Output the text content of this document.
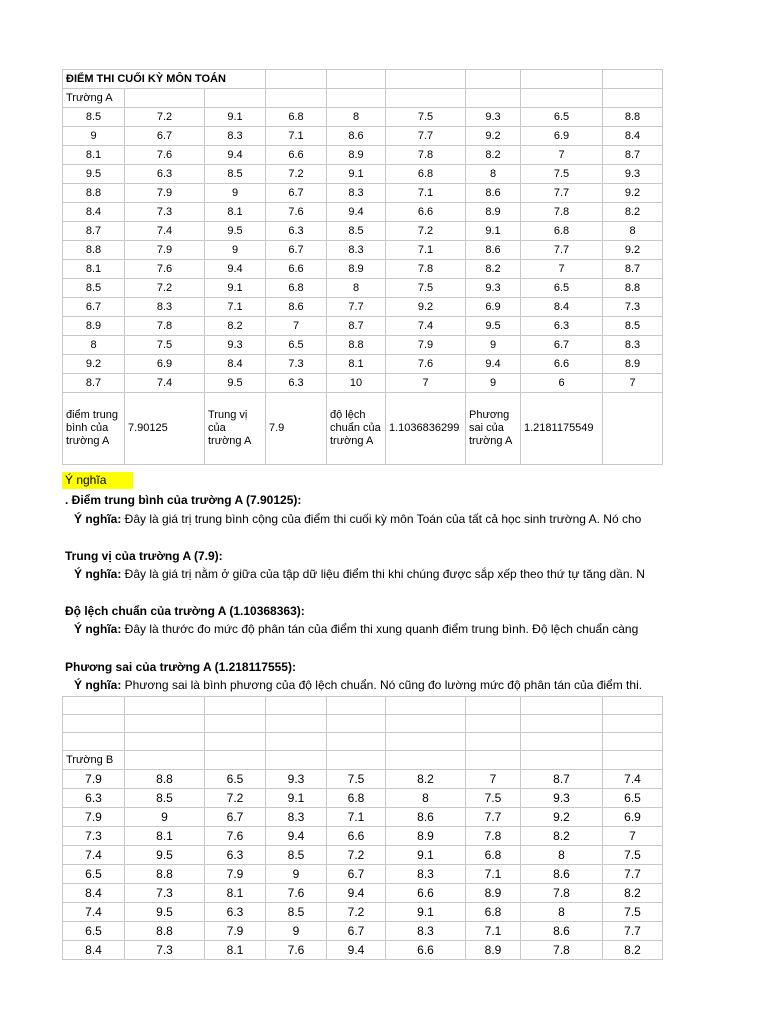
ĐIỂM THI CUỐI KỲ MÔN TOÁN								
Trường A								
8.5	7.2	9.1	6.8	8	7.5	9.3	6.5	8.8
9	6.7	8.3	7.1	8.6	7.7	9.2	6.9	8.4
8.1	7.6	9.4	6.6	8.9	7.8	8.2	7	8.7
9.5	6.3	8.5	7.2	9.1	6.8	8	7.5	9.3
8.8	7.9	9	6.7	8.3	7.1	8.6	7.7	9.2
8.4	7.3	8.1	7.6	9.4	6.6	8.9	7.8	8.2
8.7	7.4	9.5	6.3	8.5	7.2	9.1	6.8	8
8.8	7.9	9	6.7	8.3	7.1	8.6	7.7	9.2
8.1	7.6	9.4	6.6	8.9	7.8	8.2	7	8.7
8.5	7.2	9.1	6.8	8	7.5	9.3	6.5	8.8
6.7	8.3	7.1	8.6	7.7	9.2	6.9	8.4	7.3
8.9	7.8	8.2	7	8.7	7.4	9.5	6.3	8.5
8	7.5	9.3	6.5	8.8	7.9	9	6.7	8.3
9.2	6.9	8.4	7.3	8.1	7.6	9.4	6.6	8.9
8.7	7.4	9.5	6.3	10	7	9	6	7
điểm trung bình của trường A	7.90125	Trung vị của trường A	7.9	độ lệch chuẩn của trường A	1.1036836299	Phương sai của trường A	1.2181175549	
Ý nghĩa
. Điểm trung bình của trường A (7.90125):
Ý nghĩa: Đây là giá trị trung bình cộng của điểm thi cuối kỳ môn Toán của tất cả học sinh trường A. Nó cho
Trung vị của trường A (7.9):
Ý nghĩa: Đây là giá trị nằm ở giữa của tập dữ liệu điểm thi khi chúng được sắp xếp theo thứ tự tăng dần. N
Độ lệch chuẩn của trường A (1.10368363):
Ý nghĩa: Đây là thước đo mức độ phân tán của điểm thi xung quanh điểm trung bình. Độ lệch chuẩn càng
Phương sai của trường A (1.218117555):
Ý nghĩa: Phương sai là bình phương của độ lệch chuẩn. Nó cũng đo lường mức độ phân tán của điểm thi.

Trường B								
7.9	8.8	6.5	9.3	7.5	8.2	7	8.7	7.4
6.3	8.5	7.2	9.1	6.8	8	7.5	9.3	6.5
7.9	9	6.7	8.3	7.1	8.6	7.7	9.2	6.9
7.3	8.1	7.6	9.4	6.6	8.9	7.8	8.2	7
7.4	9.5	6.3	8.5	7.2	9.1	6.8	8	7.5
6.5	8.8	7.9	9	6.7	8.3	7.1	8.6	7.7
8.4	7.3	8.1	7.6	9.4	6.6	8.9	7.8	8.2
7.4	9.5	6.3	8.5	7.2	9.1	6.8	8	7.5
6.5	8.8	7.9	9	6.7	8.3	7.1	8.6	7.7
8.4	7.3	8.1	7.6	9.4	6.6	8.9	7.8	8.2
